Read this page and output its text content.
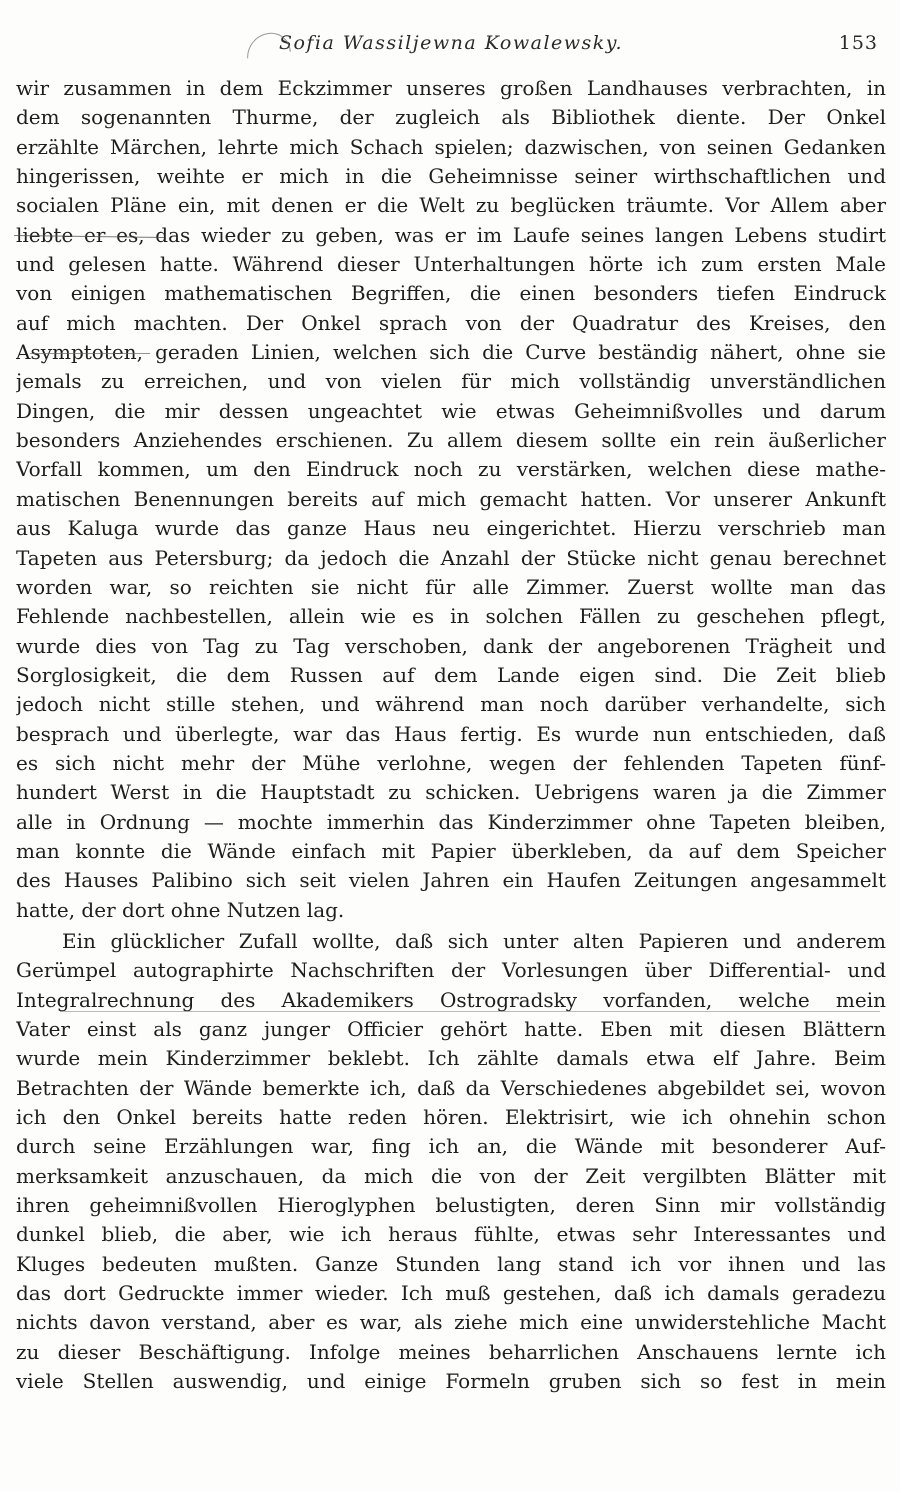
Sofia Wassiljewna Kowalewsky.	153
wir zusammen in dem Eckzimmer unseres großen Landhauses verbrachten, in
dem sogenannten Thurme, der zugleich als Bibliothek diente. Der Onkel
erzählte Märchen, lehrte mich Schach spielen; dazwischen, von seinen Gedanken
hingerissen, weihte er mich in die Geheimnisse seiner wirthschaftlichen und
socialen Pläne ein, mit denen er die Welt zu beglücken träumte. Vor Allem aber
liebte er es, das wieder zu geben, was er im Laufe seines langen Lebens studirt
und gelesen hatte. Während dieser Unterhaltungen hörte ich zum ersten Male
von einigen mathematischen Begriffen, die einen besonders tiefen Eindruck
auf mich machten. Der Onkel sprach von der Quadratur des Kreises, den
Asymptoten, geraden Linien, welchen sich die Curve beständig nähert, ohne sie
jemals zu erreichen, und von vielen für mich vollständig unverständlichen
Dingen, die mir dessen ungeachtet wie etwas Geheimnißvolles und darum
besonders Anziehendes erschienen. Zu allem diesem sollte ein rein äußerlicher
Vorfall kommen, um den Eindruck noch zu verstärken, welchen diese mathe-
matischen Benennungen bereits auf mich gemacht hatten. Vor unserer Ankunft
aus Kaluga wurde das ganze Haus neu eingerichtet. Hierzu verschrieb man
Tapeten aus Petersburg; da jedoch die Anzahl der Stücke nicht genau berechnet
worden war, so reichten sie nicht für alle Zimmer. Zuerst wollte man das
Fehlende nachbestellen, allein wie es in solchen Fällen zu geschehen pflegt,
wurde dies von Tag zu Tag verschoben, dank der angeborenen Trägheit und
Sorglosigkeit, die dem Russen auf dem Lande eigen sind. Die Zeit blieb
jedoch nicht stille stehen, und während man noch darüber verhandelte, sich
besprach und überlegte, war das Haus fertig. Es wurde nun entschieden, daß
es sich nicht mehr der Mühe verlohne, wegen der fehlenden Tapeten fünf-
hundert Werst in die Hauptstadt zu schicken. Uebrigens waren ja die Zimmer
alle in Ordnung — mochte immerhin das Kinderzimmer ohne Tapeten bleiben,
man konnte die Wände einfach mit Papier überkleben, da auf dem Speicher
des Hauses Palibino sich seit vielen Jahren ein Haufen Zeitungen angesammelt
hatte, der dort ohne Nutzen lag.
Ein glücklicher Zufall wollte, daß sich unter alten Papieren und anderem
Gerümpel autographirte Nachschriften der Vorlesungen über Differential- und
Integralrechnung des Akademikers Ostrogradsky vorfanden, welche mein
Vater einst als ganz junger Officier gehört hatte. Eben mit diesen Blättern
wurde mein Kinderzimmer beklebt. Ich zählte damals etwa elf Jahre. Beim
Betrachten der Wände bemerkte ich, daß da Verschiedenes abgebildet sei, wovon
ich den Onkel bereits hatte reden hören. Elektrisirt, wie ich ohnehin schon
durch seine Erzählungen war, fing ich an, die Wände mit besonderer Auf-
merksamkeit anzuschauen, da mich die von der Zeit vergilbten Blätter mit
ihren geheimnißvollen Hieroglyphen belustigten, deren Sinn mir vollständig
dunkel blieb, die aber, wie ich heraus fühlte, etwas sehr Interessantes und
Kluges bedeuten mußten. Ganze Stunden lang stand ich vor ihnen und las
das dort Gedruckte immer wieder. Ich muß gestehen, daß ich damals geradezu
nichts davon verstand, aber es war, als ziehe mich eine unwiderstehliche Macht
zu dieser Beschäftigung. Infolge meines beharrlichen Anschauens lernte ich
viele Stellen auswendig, und einige Formeln gruben sich so fest in mein
